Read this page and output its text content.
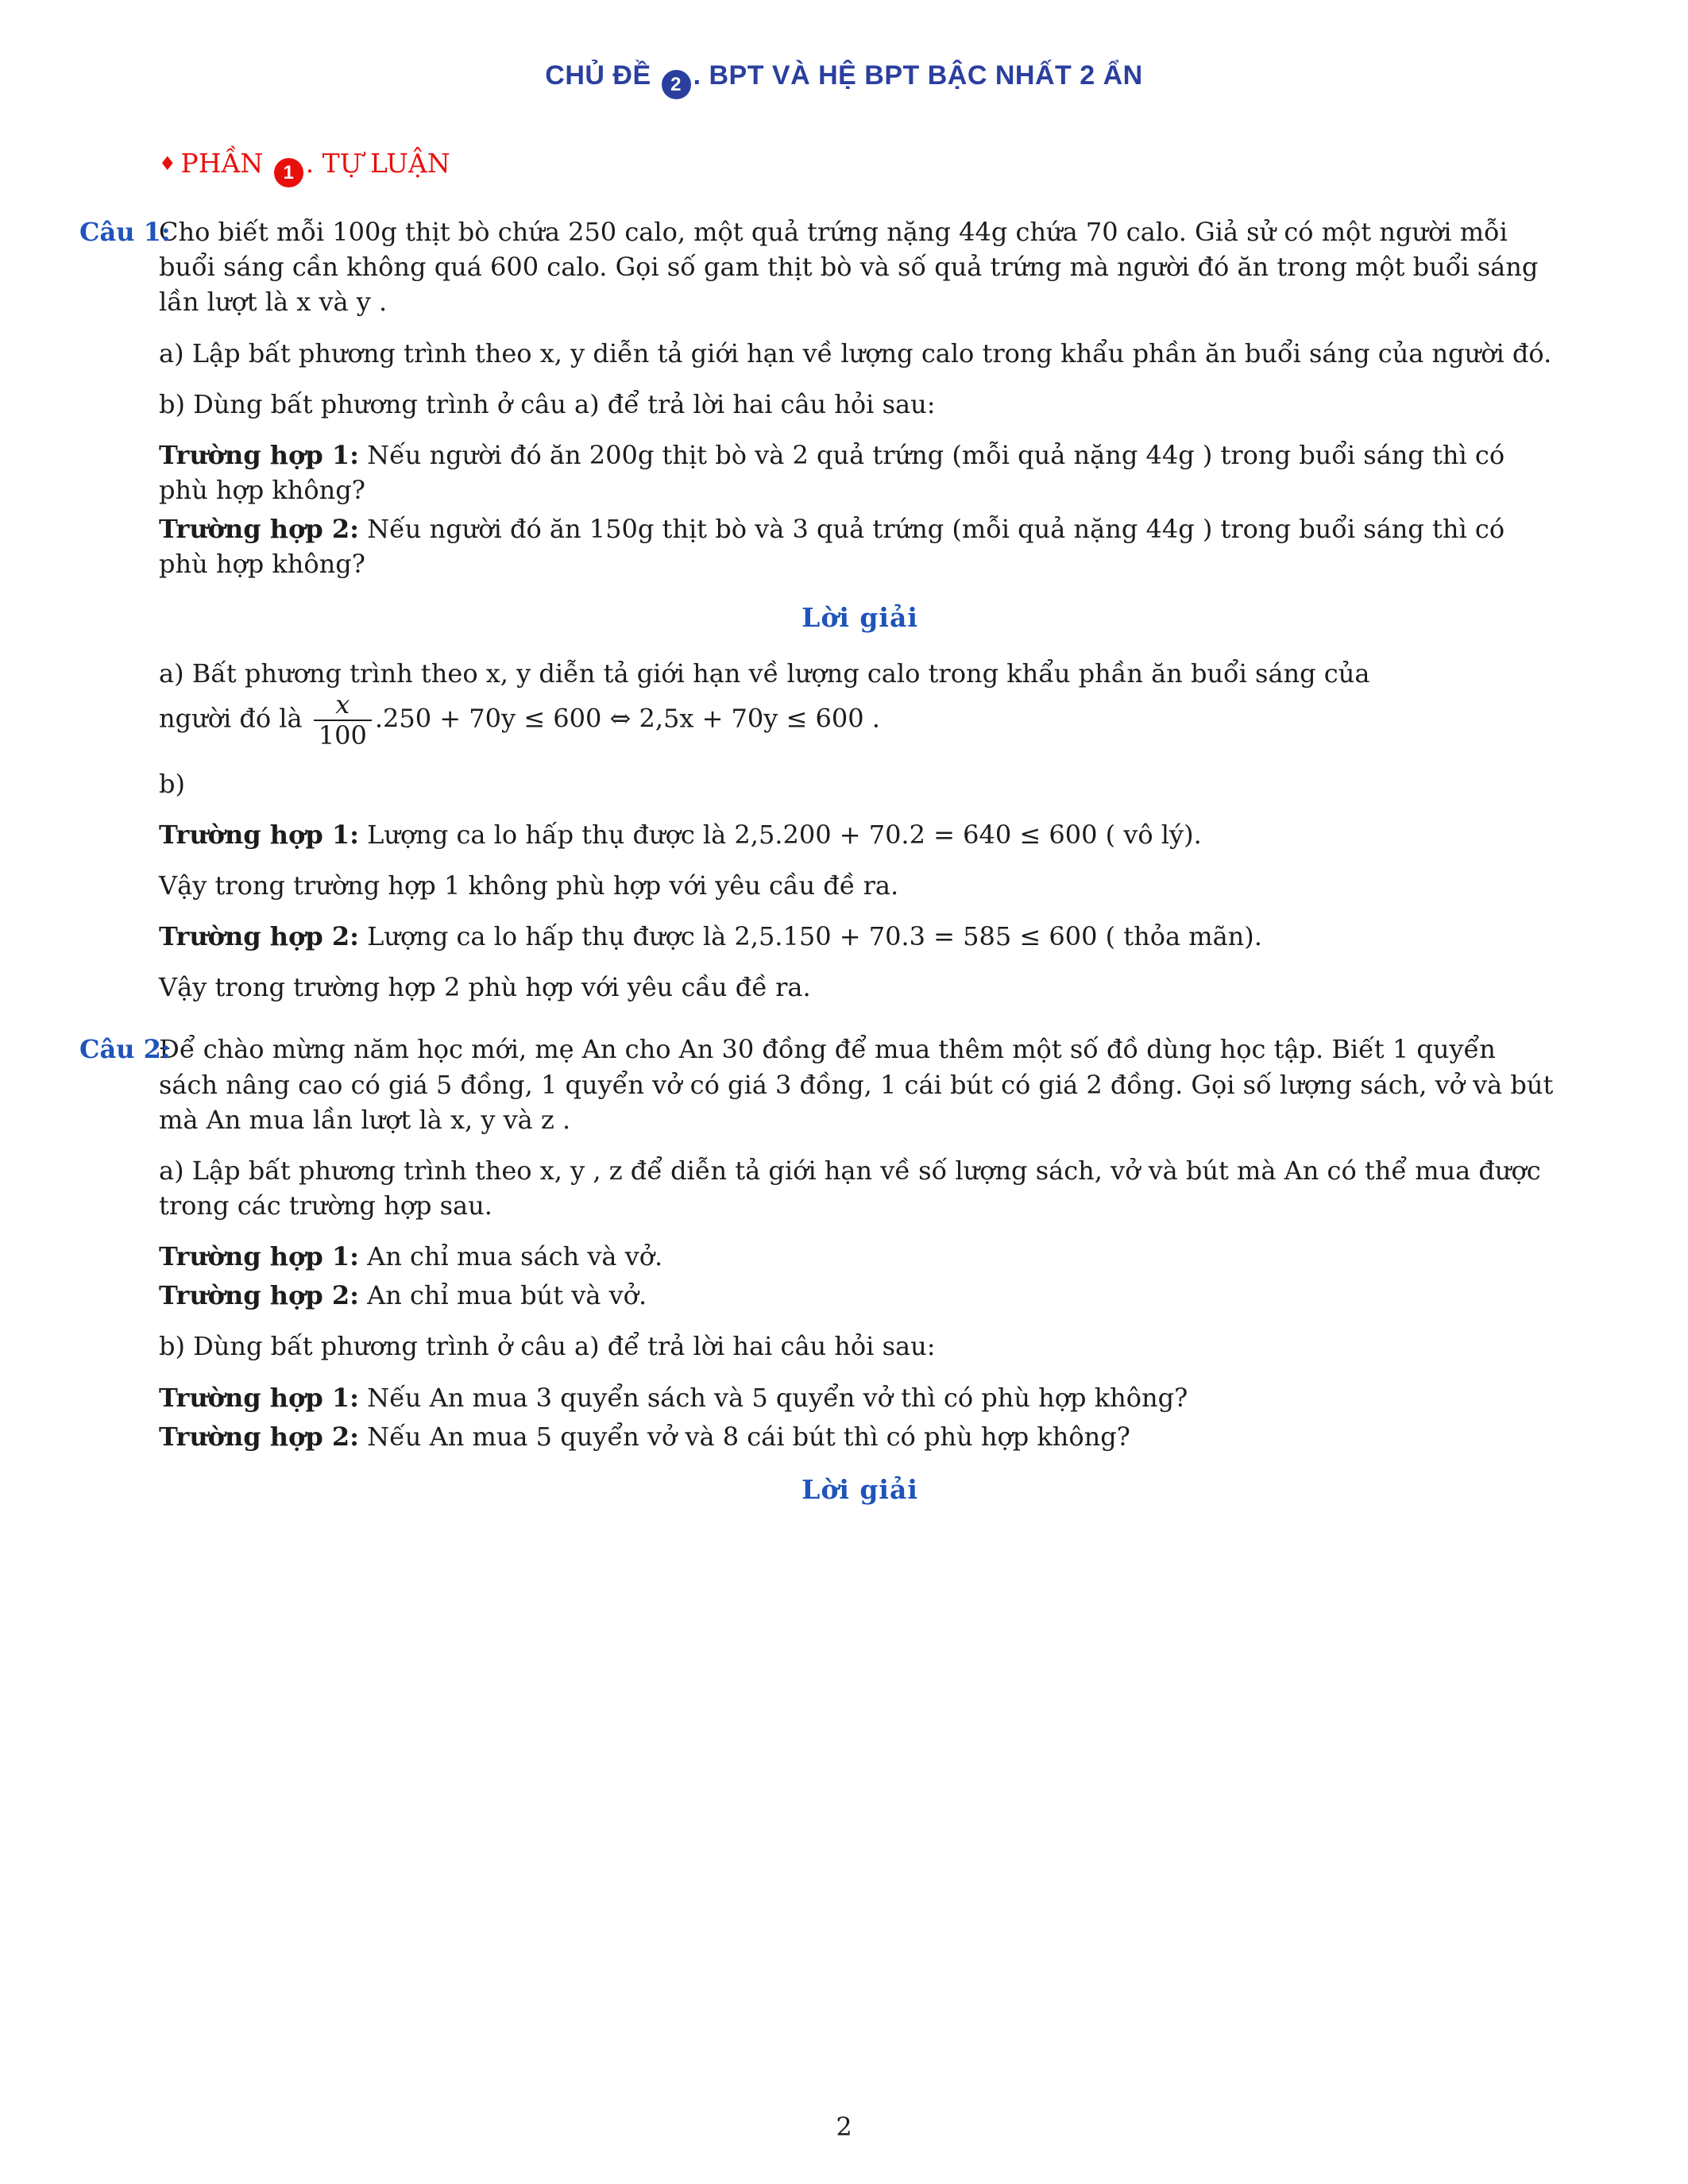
CHỦ ĐỀ 2 . BPT VÀ HỆ BPT BẬC NHẤT 2 ẨN
♦ PHẦN 1 . TỰ LUẬN
Câu 1:

Cho biết mỗi 100g thịt bò chứa 250 calo, một quả trứng nặng 44g chứa 70 calo. Giả sử có một người mỗi buổi sáng cần không quá 600 calo. Gọi số gam thịt bò và số quả trứng mà người đó ăn trong một buổi sáng lần lượt là x và y .

a) Lập bất phương trình theo x, y diễn tả giới hạn về lượng calo trong khẩu phần ăn buổi sáng của người đó.

b) Dùng bất phương trình ở câu a) để trả lời hai câu hỏi sau:

Trường hợp 1: Nếu người đó ăn 200g thịt bò và 2 quả trứng (mỗi quả nặng 44g ) trong buổi sáng thì có phù hợp không?

Trường hợp 2: Nếu người đó ăn 150g thịt bò và 3 quả trứng (mỗi quả nặng 44g ) trong buổi sáng thì có phù hợp không?

Lời giải

a) Bất phương trình theo x, y diễn tả giới hạn về lượng calo trong khẩu phần ăn buổi sáng của
người đó là $\frac{x}{100} .250 + 70y \le 600$ ⇔ 2,5x + 70y ≤ 600 .

b)

Trường hợp 1: Lượng ca lo hấp thụ được là 2,5.200 + 70.2 = 640 ≤ 600 ( vô lý).

Vậy trong trường hợp 1 không phù hợp với yêu cầu đề ra.

Trường hợp 2: Lượng ca lo hấp thụ được là 2,5.150 + 70.3 = 585 ≤ 600 ( thỏa mãn).

Vậy trong trường hợp 2 phù hợp với yêu cầu đề ra.

Câu 2:

Để chào mừng năm học mới, mẹ An cho An 30 đồng để mua thêm một số đồ dùng học tập. Biết 1 quyển sách nâng cao có giá 5 đồng, 1 quyển vở có giá 3 đồng, 1 cái bút có giá 2 đồng. Gọi số lượng sách, vở và bút mà An mua lần lượt là x, y và z .

a) Lập bất phương trình theo x, y , z để diễn tả giới hạn về số lượng sách, vở và bút mà An có thể mua được trong các trường hợp sau.

Trường hợp 1: An chỉ mua sách và vở.

Trường hợp 2: An chỉ mua bút và vở.

b) Dùng bất phương trình ở câu a) để trả lời hai câu hỏi sau:

Trường hợp 1: Nếu An mua 3 quyển sách và 5 quyển vở thì có phù hợp không?

Trường hợp 2: Nếu An mua 5 quyển vở và 8 cái bút thì có phù hợp không?

Lời giải
2
